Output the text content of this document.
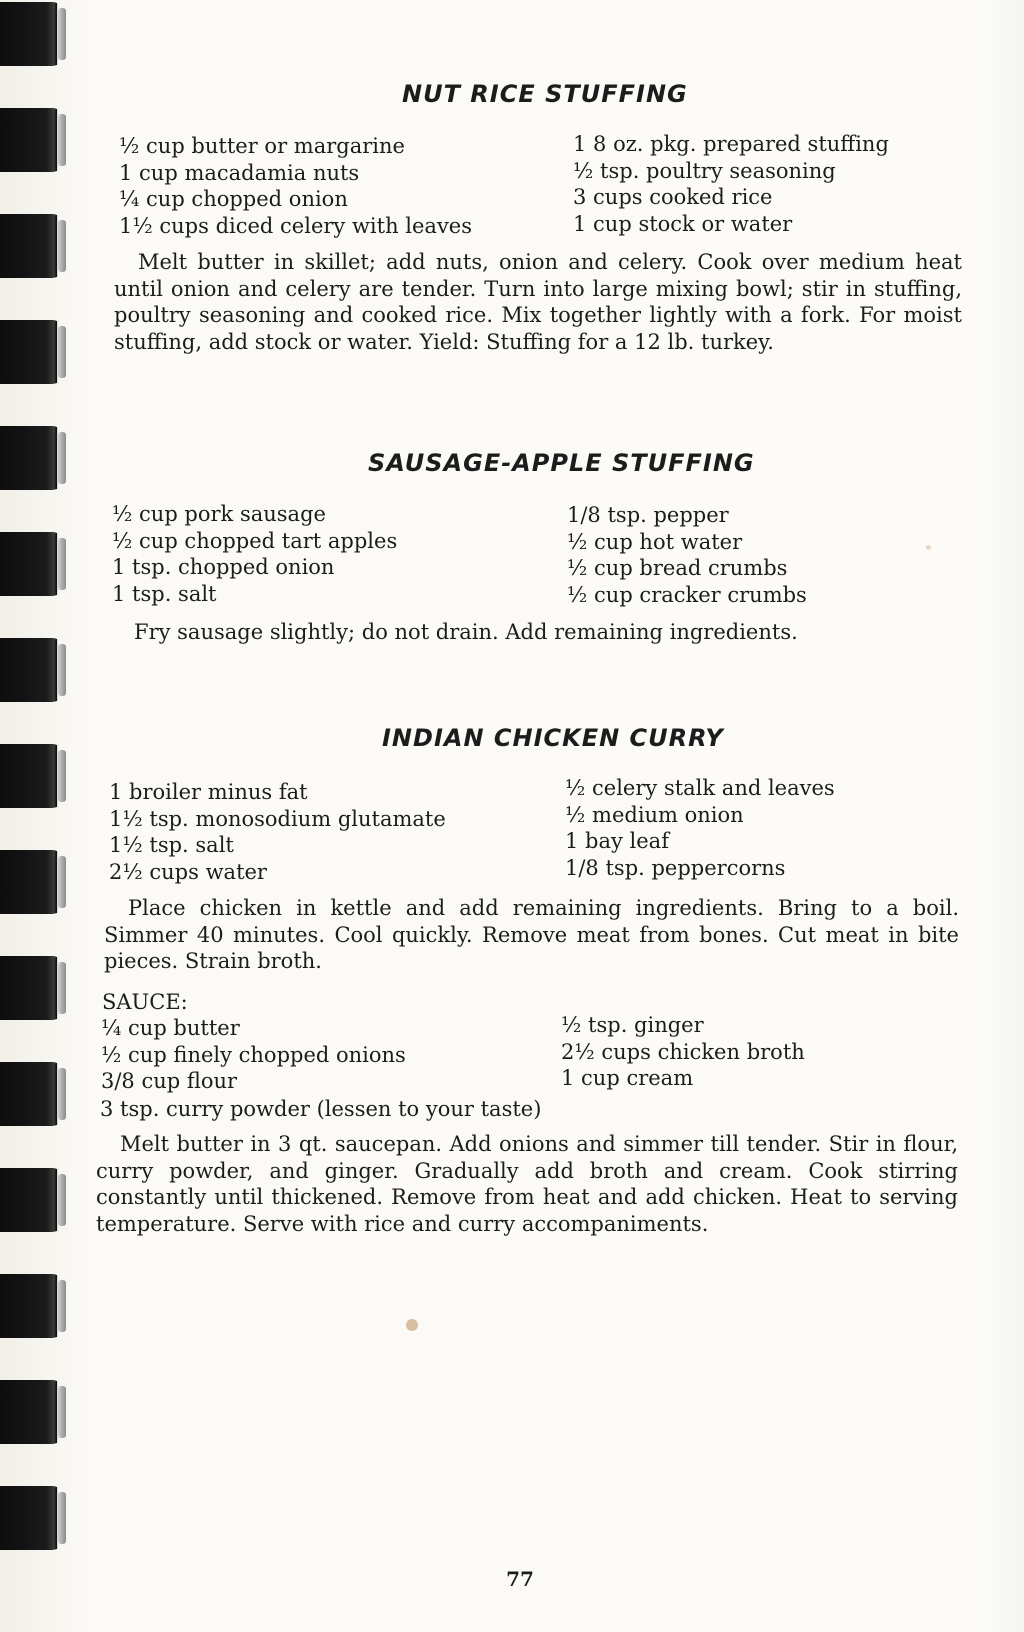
NUT RICE STUFFING
½ cup butter or margarine
1 cup macadamia nuts
¼ cup chopped onion
1½ cups diced celery with leaves
1 8 oz. pkg. prepared stuffing
½ tsp. poultry seasoning
3 cups cooked rice
1 cup stock or water

Melt butter in skillet; add nuts, onion and celery. Cook over medium heat until onion and celery are tender. Turn into large mixing bowl; stir in stuffing, poultry seasoning and cooked rice. Mix together lightly with a fork. For moist stuffing, add stock or water. Yield: Stuffing for a 12 lb. turkey.

SAUSAGE-APPLE STUFFING
½ cup pork sausage
½ cup chopped tart apples
1 tsp. chopped onion
1 tsp. salt
1/8 tsp. pepper
½ cup hot water
½ cup bread crumbs
½ cup cracker crumbs

Fry sausage slightly; do not drain. Add remaining ingredients.

INDIAN CHICKEN CURRY
1 broiler minus fat
1½ tsp. monosodium glutamate
1½ tsp. salt
2½ cups water
½ celery stalk and leaves
½ medium onion
1 bay leaf
1/8 tsp. peppercorns

Place chicken in kettle and add remaining ingredients. Bring to a boil. Simmer 40 minutes. Cool quickly. Remove meat from bones. Cut meat in bite pieces. Strain broth.

SAUCE:

¼ cup butter
½ cup finely chopped onions
3/8 cup flour
½ tsp. ginger
2½ cups chicken broth
1 cup cream

3 tsp. curry powder (lessen to your taste)

Melt butter in 3 qt. saucepan. Add onions and simmer till tender. Stir in flour, curry powder, and ginger. Gradually add broth and cream. Cook stirring constantly until thickened. Remove from heat and add chicken. Heat to serving temperature. Serve with rice and curry accompaniments.

77
